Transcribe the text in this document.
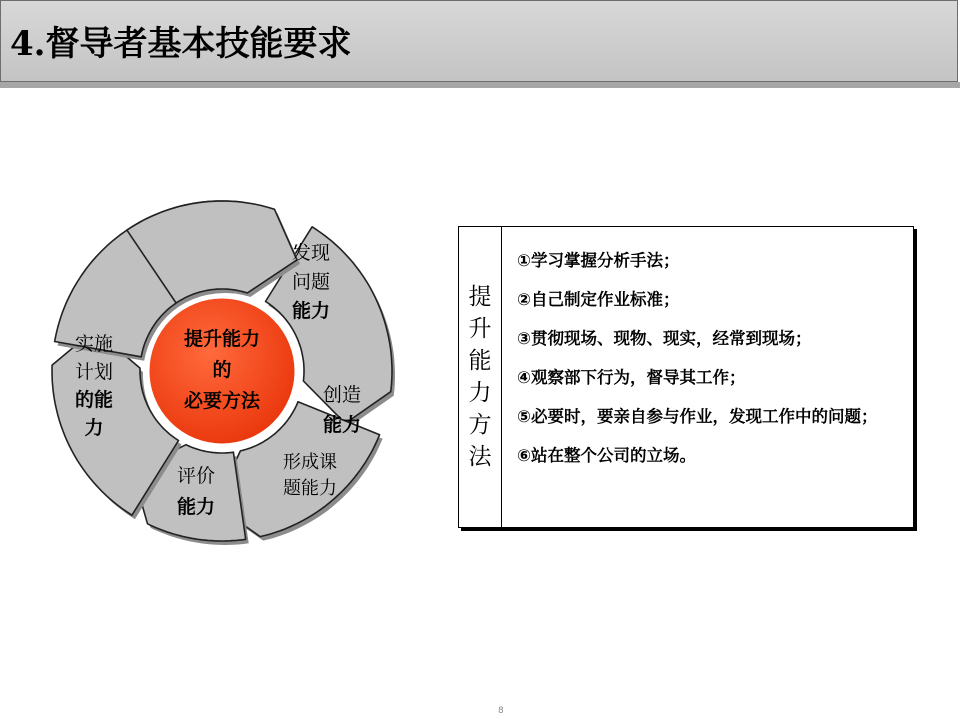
4.督导者基本技能要求
提升能力
的
必要方法
发现
问题
能力
创造
能力
形成课
题能力
评价
能力
实施
计划
的能
力
提
升
能
力
方
法
①学习掌握分析手法；
②自己制定作业标准；
③贯彻现场、现物、现实，经常到现场；
④观察部下行为，督导其工作；
⑤必要时，要亲自参与作业，发现工作中的问题；
⑥站在整个公司的立场。
8
